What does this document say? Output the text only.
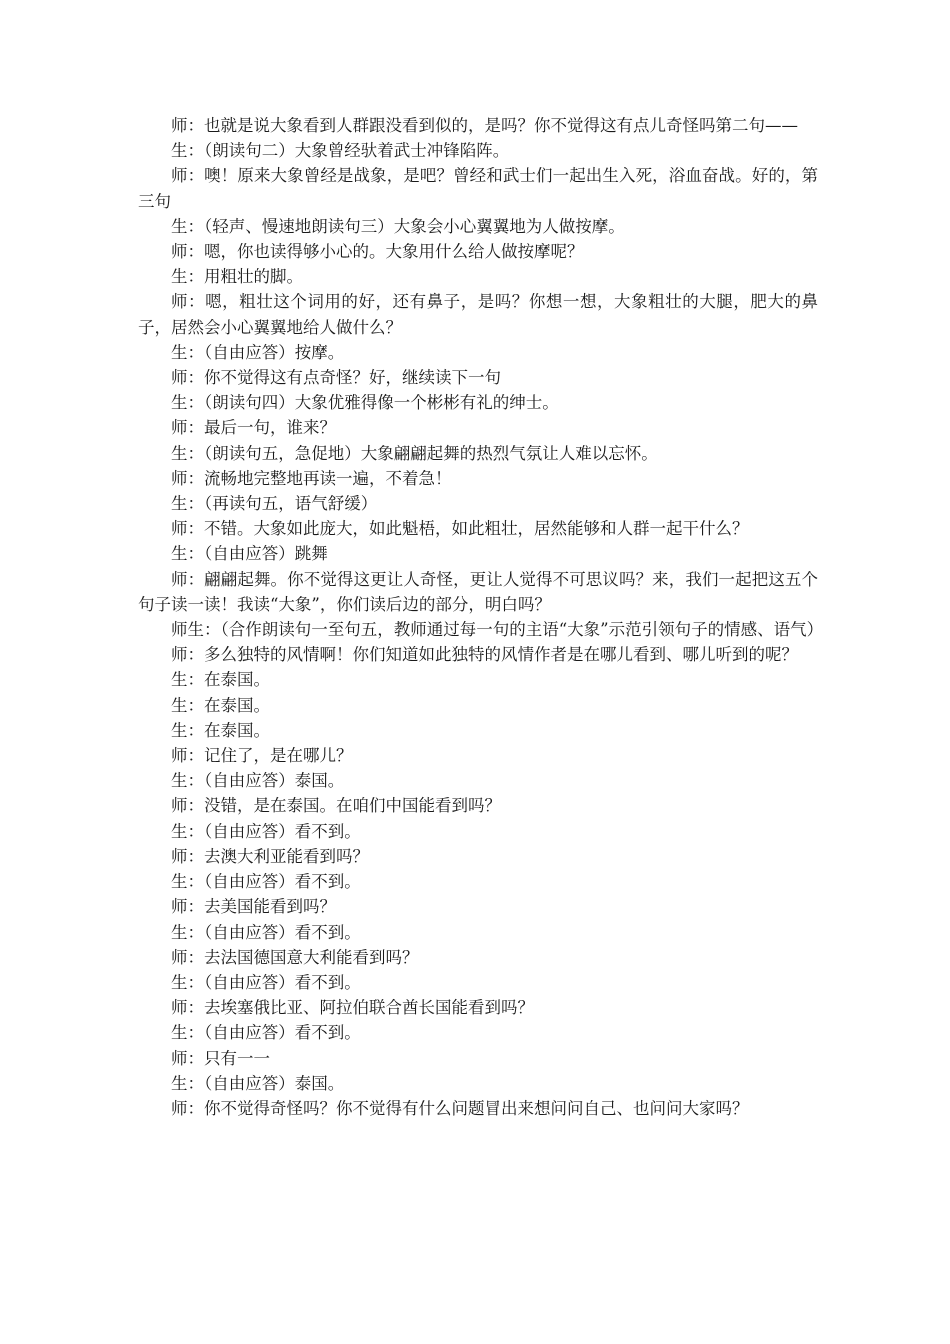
师：也就是说大象看到人群跟没看到似的，是吗？你不觉得这有点儿奇怪吗第二句——

生：（朗读句二）大象曾经驮着武士冲锋陷阵。

师：噢！原来大象曾经是战象，是吧？曾经和武士们一起出生入死，浴血奋战。好的，第三句

生：（轻声、慢速地朗读句三）大象会小心翼翼地为人做按摩。

师：嗯，你也读得够小心的。大象用什么给人做按摩呢？

生：用粗壮的脚。

师：嗯，粗壮这个词用的好，还有鼻子，是吗？你想一想，大象粗壮的大腿，肥大的鼻子，居然会小心翼翼地给人做什么？

生：（自由应答）按摩。

师：你不觉得这有点奇怪？好，继续读下一句

生：（朗读句四）大象优雅得像一个彬彬有礼的绅士。

师：最后一句，谁来？

生：（朗读句五，急促地）大象翩翩起舞的热烈气氛让人难以忘怀。

师：流畅地完整地再读一遍，不着急！

生：（再读句五，语气舒缓）

师：不错。大象如此庞大，如此魁梧，如此粗壮，居然能够和人群一起干什么？

生：（自由应答）跳舞

师：翩翩起舞。你不觉得这更让人奇怪，更让人觉得不可思议吗？来，我们一起把这五个句子读一读！我读“大象”，你们读后边的部分，明白吗？

师生：（合作朗读句一至句五，教师通过每一句的主语“大象”示范引领句子的情感、语气）

师：多么独特的风情啊！你们知道如此独特的风情作者是在哪儿看到、哪儿听到的呢？

生：在泰国。

生：在泰国。

生：在泰国。

师：记住了，是在哪儿？

生：（自由应答）泰国。

师：没错，是在泰国。在咱们中国能看到吗？

生：（自由应答）看不到。

师：去澳大利亚能看到吗？

生：（自由应答）看不到。

师：去美国能看到吗？

生：（自由应答）看不到。

师：去法国德国意大利能看到吗？

生：（自由应答）看不到。

师：去埃塞俄比亚、阿拉伯联合酋长国能看到吗？

生：（自由应答）看不到。

师：只有一一

生：（自由应答）泰国。

师：你不觉得奇怪吗？你不觉得有什么问题冒出来想问问自己、也问问大家吗？
